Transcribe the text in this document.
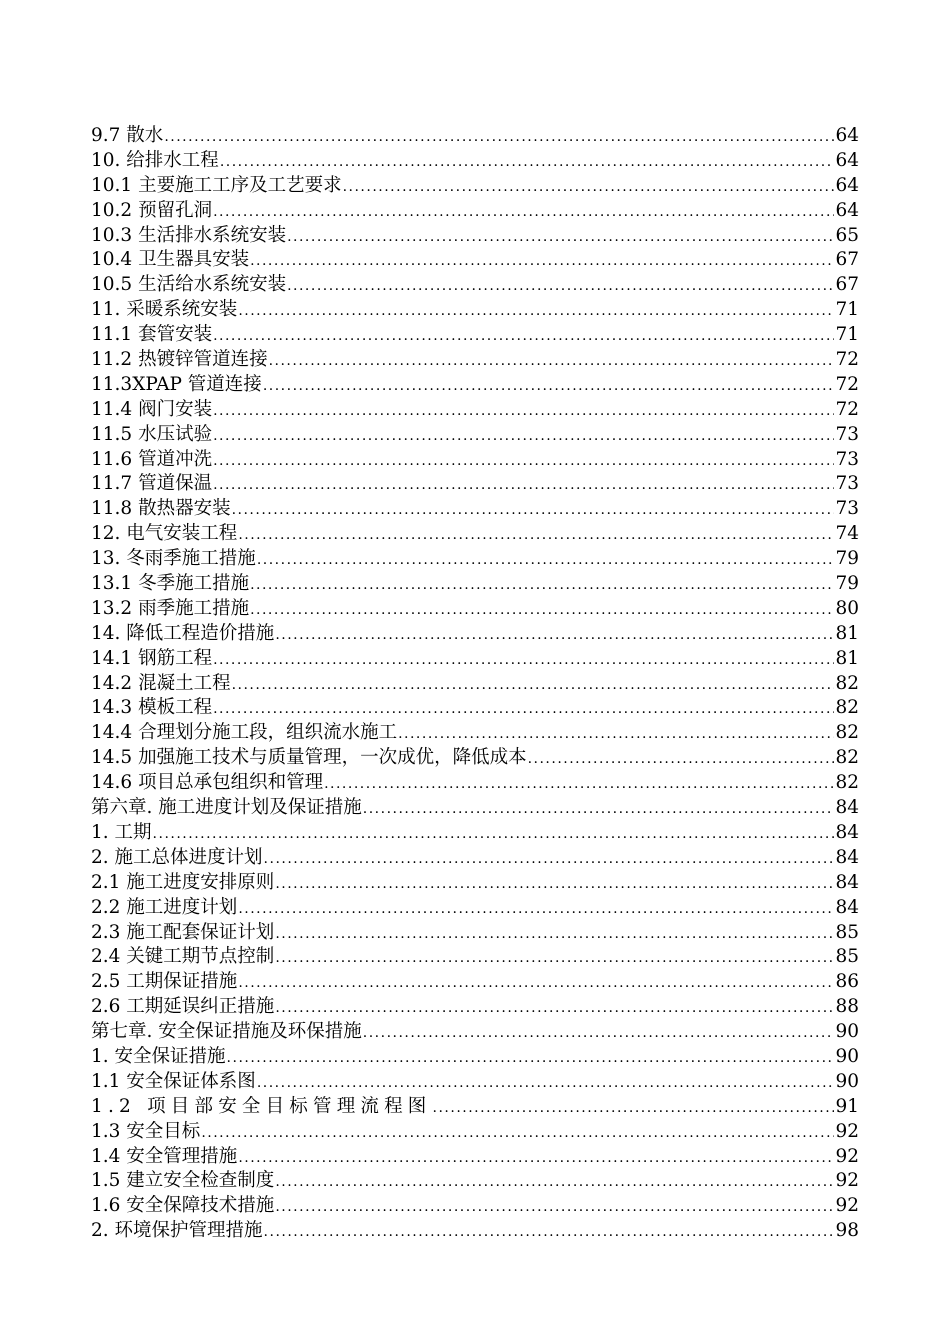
9.7 散水 .....	64
10. 给排水工程 .....	64
10.1 主要施工工序及工艺要求 .....	64
10.2 预留孔洞 .....	64
10.3 生活排水系统安装 .....	65
10.4 卫生器具安装 .....	67
10.5 生活给水系统安装 .....	67
11. 采暖系统安装 .....	71
11.1 套管安装 .....	71
11.2 热镀锌管道连接 .....	72
11.3XPAP 管道连接 .....	72
11.4 阀门安装 .....	72
11.5 水压试验 .....	73
11.6 管道冲洗 .....	73
11.7 管道保温 .....	73
11.8 散热器安装 .....	73
12. 电气安装工程 .....	74
13. 冬雨季施工措施 .....	79
13.1 冬季施工措施 .....	79
13.2 雨季施工措施 .....	80
14. 降低工程造价措施 .....	81
14.1 钢筋工程 .....	81
14.2 混凝土工程 .....	82
14.3 模板工程 .....	82
14.4 合理划分施工段，组织流水施工 .....	82
14.5 加强施工技术与质量管理，一次成优，降低成本 .....	82
14.6 项目总承包组织和管理 .....	82
第六章. 施工进度计划及保证措施 .....	84
1. 工期 .....	84
2. 施工总体进度计划 .....	84
2.1 施工进度安排原则 .....	84
2.2 施工进度计划 .....	84
2.3 施工配套保证计划 .....	85
2.4 关键工期节点控制 .....	85
2.5 工期保证措施 .....	86
2.6 工期延误纠正措施 .....	88
第七章. 安全保证措施及环保措施 .....	90
1. 安全保证措施 .....	90
1.1 安全保证体系图 .....	90
1.2 项目部安全目标管理流程图 .....	91
1.3 安全目标 .....	92
1.4 安全管理措施 .....	92
1.5 建立安全检查制度 .....	92
1.6 安全保障技术措施 .....	92
2. 环境保护管理措施 .....	98
